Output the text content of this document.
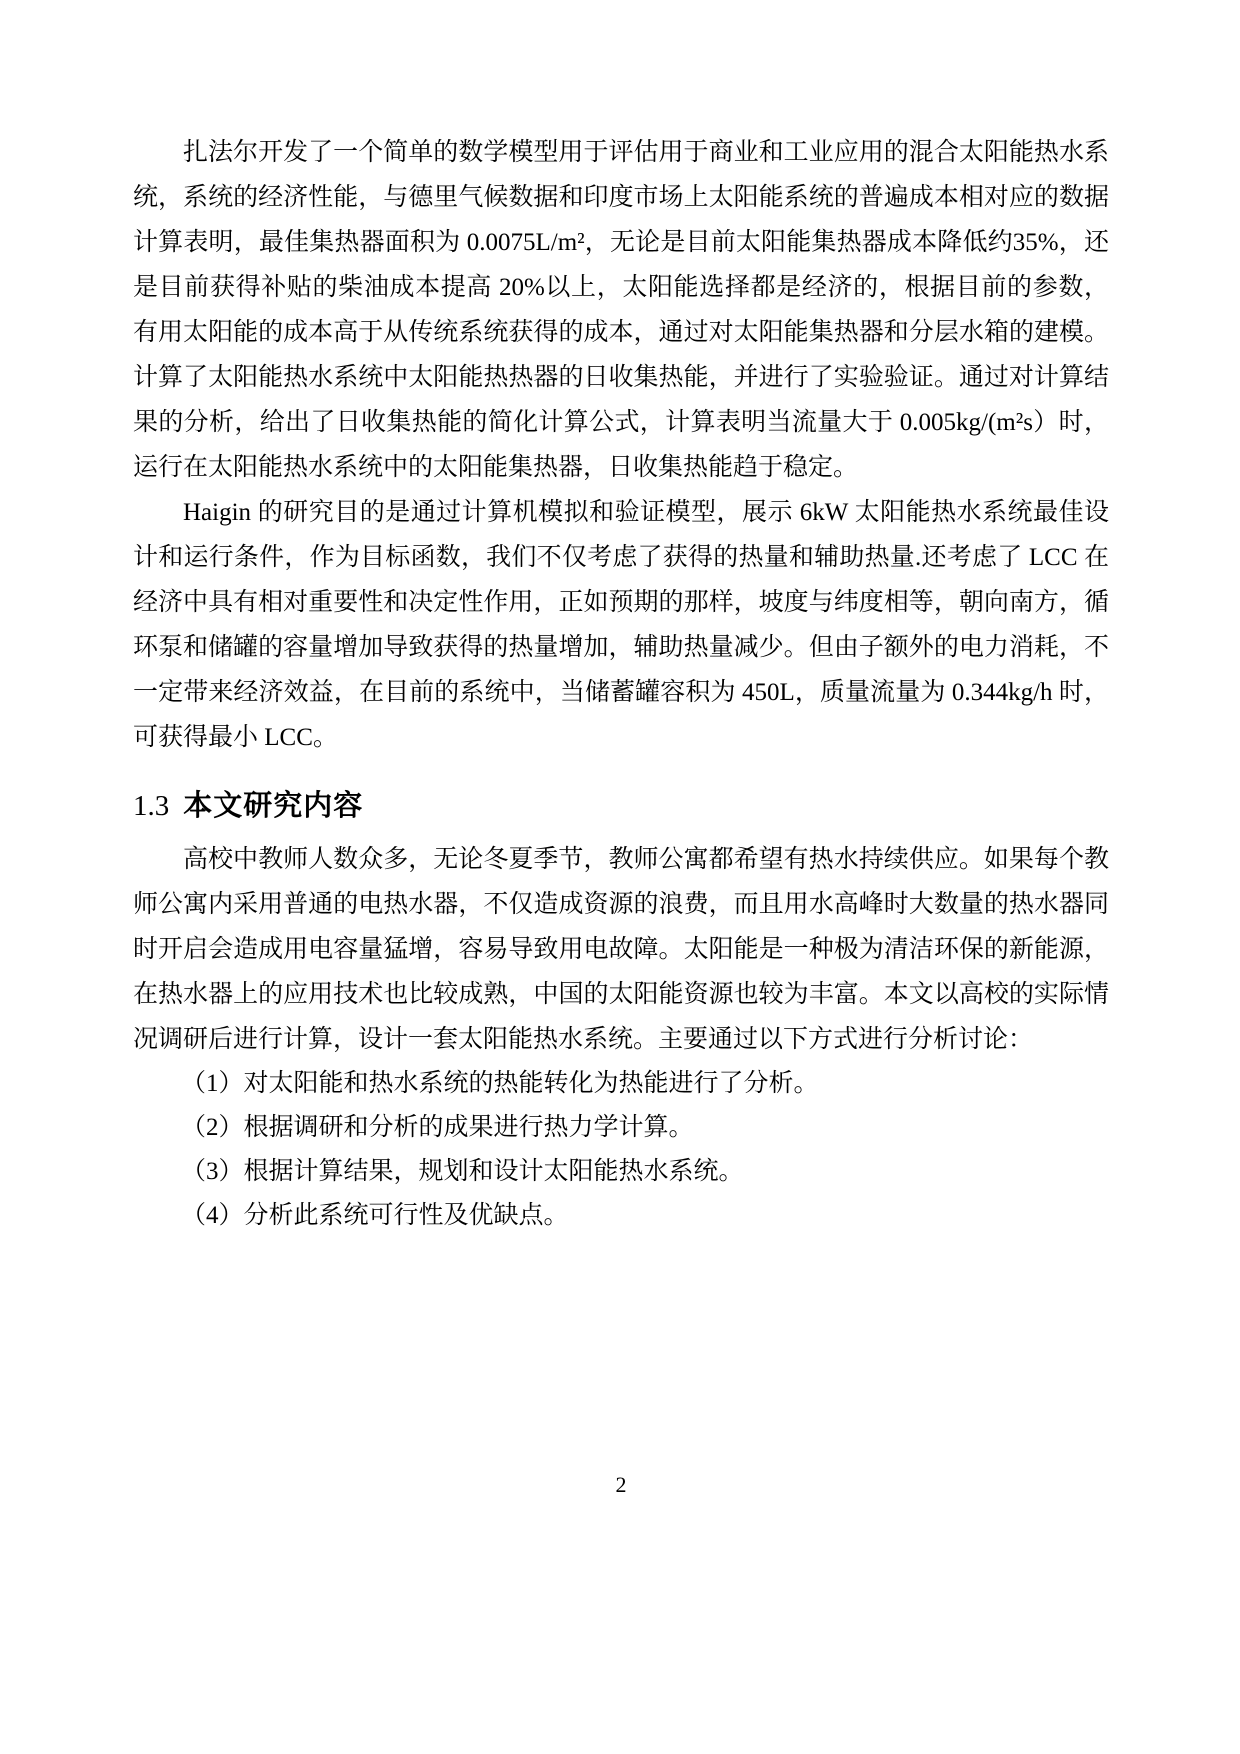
扎法尔开发了一个简单的数学模型用于评估用于商业和工业应用的混合太阳能热水系统，系统的经济性能，与德里气候数据和印度市场上太阳能系统的普遍成本相对应的数据计算表明，最佳集热器面积为 0.0075L/m²，无论是目前太阳能集热器成本降低约35%，还是目前获得补贴的柴油成本提高 20%以上，太阳能选择都是经济的，根据目前的参数，有用太阳能的成本高于从传统系统获得的成本，通过对太阳能集热器和分层水箱的建模。计算了太阳能热水系统中太阳能热热器的日收集热能，并进行了实验验证。通过对计算结果的分析，给出了日收集热能的简化计算公式，计算表明当流量大于 0.005kg/(m²s）时，运行在太阳能热水系统中的太阳能集热器，日收集热能趋于稳定。

Haigin 的研究目的是通过计算机模拟和验证模型，展示 6kW 太阳能热水系统最佳设计和运行条件，作为目标函数，我们不仅考虑了获得的热量和辅助热量.还考虑了 LCC 在经济中具有相对重要性和决定性作用，正如预期的那样，坡度与纬度相等，朝向南方，循环泵和储罐的容量增加导致获得的热量增加，辅助热量减少。但由子额外的电力消耗，不一定带来经济效益，在目前的系统中，当储蓄罐容积为 450L，质量流量为 0.344kg/h 时，可获得最小 LCC。

1.3 本文研究内容

高校中教师人数众多，无论冬夏季节，教师公寓都希望有热水持续供应。如果每个教师公寓内采用普通的电热水器，不仅造成资源的浪费，而且用水高峰时大数量的热水器同时开启会造成用电容量猛增，容易导致用电故障。太阳能是一种极为清洁环保的新能源，在热水器上的应用技术也比较成熟，中国的太阳能资源也较为丰富。本文以高校的实际情况调研后进行计算，设计一套太阳能热水系统。主要通过以下方式进行分析讨论：

（1）对太阳能和热水系统的热能转化为热能进行了分析。
（2）根据调研和分析的成果进行热力学计算。
（3）根据计算结果，规划和设计太阳能热水系统。
（4）分析此系统可行性及优缺点。
2
